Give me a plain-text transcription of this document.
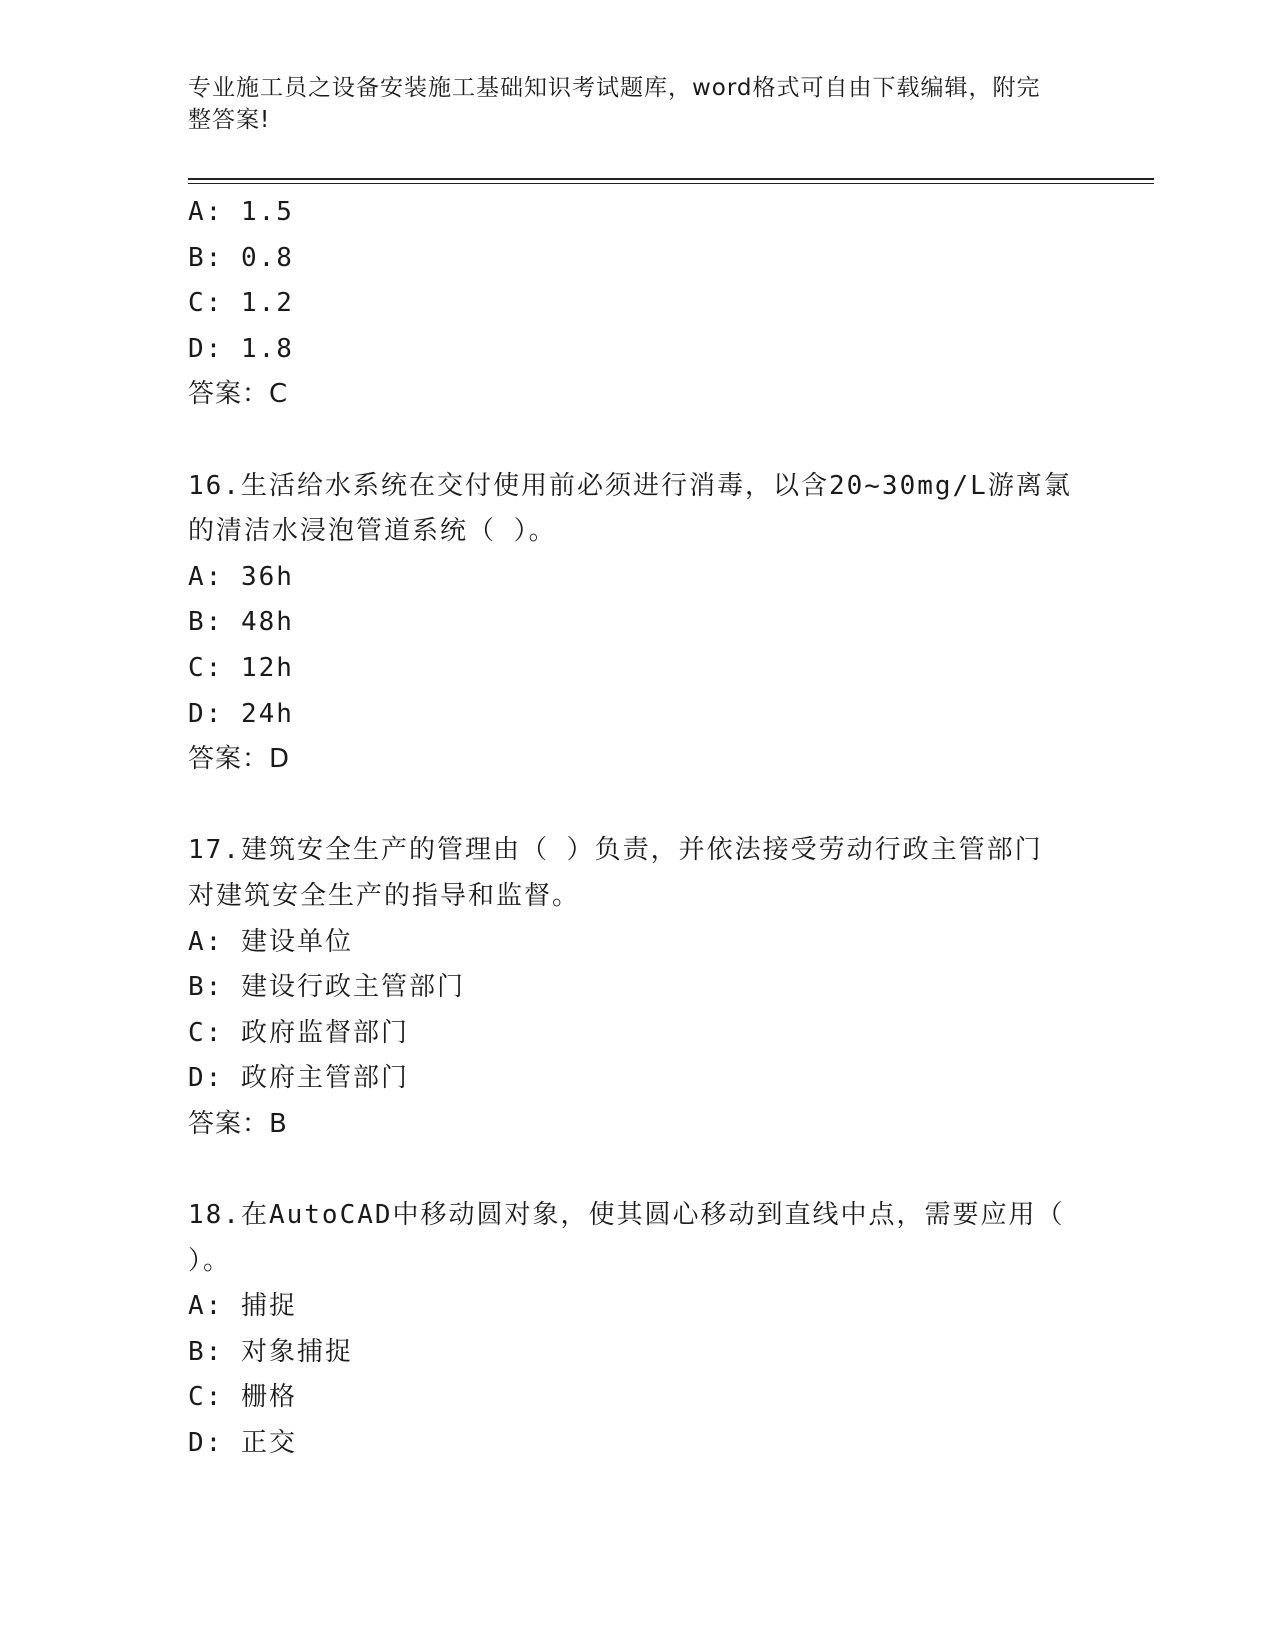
专业施工员之设备安装施工基础知识考试题库，word格式可自由下载编辑，附完
整答案!
A: 1.5
B: 0.8
C: 1.2
D: 1.8
答案：C
16.生活给水系统在交付使用前必须进行消毒，以含20~30mg/L游离氯
的清洁水浸泡管道系统（ ）。
A: 36h
B: 48h
C: 12h
D: 24h
答案：D
17.建筑安全生产的管理由（ ）负责，并依法接受劳动行政主管部门
对建筑安全生产的指导和监督。
A: 建设单位
B: 建设行政主管部门
C: 政府监督部门
D: 政府主管部门
答案：B
18.在AutoCAD中移动圆对象，使其圆心移动到直线中点，需要应用（
）。
A: 捕捉
B: 对象捕捉
C: 栅格
D: 正交
